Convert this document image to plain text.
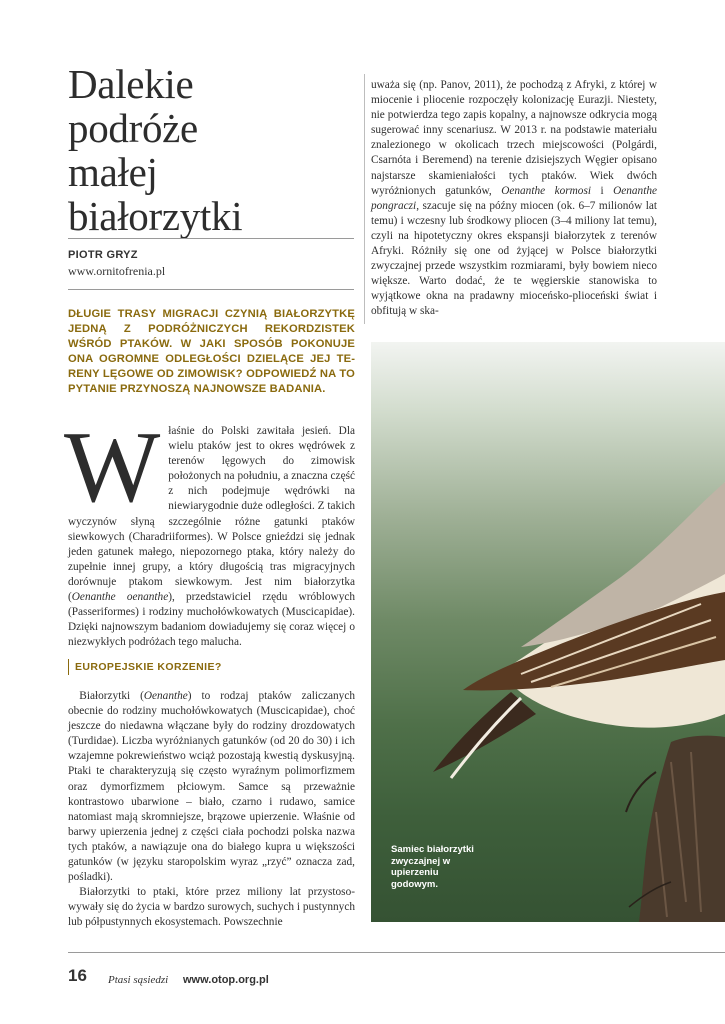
Dalekie
podróże
małej
białorzytki
PIOTR GRYZ
www.ornitofrenia.pl

DŁUGIE TRASY MIGRACJI CZYNIĄ BIAŁORZYTKĘ JEDNĄ Z PODRÓŻNICZYCH REKORDZISTEK WŚRÓD PTAKÓW. W JAKI SPOSÓB POKONUJE ONA OGROMNE ODLEGŁOŚCI DZIELĄCE JEJ TERENY LĘGOWE OD ZIMOWISK? ODPOWIEDŹ NA TO PYTANIE PRZYNOSZĄ NAJNOWSZE BADANIA.

Właśnie do Polski zawitała jesień. Dla wielu ptaków jest to okres wędrówek z terenów lęgowych do zimowisk położonych na południu, a znaczna część z nich podejmuje wędrówki na niewiarygodnie duże odległości. Z takich wyczynów słyną szczególnie różne gatunki ptaków siewkowych (Charadriiformes). W Polsce gnieździ się jednak jeden gatunek małego, niepozornego ptaka, który należy do zupełnie innej grupy, a który długością tras migracyjnych dorównuje ptakom siewkowym. Jest nim białorzytka (Oenanthe oenanthe), przedstawiciel rzędu wróblowych (Passeriformes) i rodziny muchołówkowatych (Muscicapidae). Dzięki najnowszym badaniom dowiadujemy się coraz więcej o niezwykłych podróżach tego malucha.

EUROPEJSKIE KORZENIE?

 Białorzytki (Oenanthe) to rodzaj ptaków zaliczanych obecnie do rodziny muchołówkowatych (Muscicapidae), choć jeszcze do niedawna włączane były do rodziny drozdowatych (Turdidae). Liczba wyróżnianych gatunków (od 20 do 30) i ich wzajemne pokrewieństwo wciąż pozostają kwestią dyskusyjną. Ptaki te charakteryzują się często wyraźnym polimorfizmem oraz dymorfizmem płciowym. Samce są przeważnie kontrastowo ubarwione – biało, czarno i rudawo, samice natomiast mają skromniejsze, brązowe upierzenie. Właśnie od barwy upierzenia jednej z części ciała pochodzi polska nazwa tych ptaków, a nawiązuje ona do białego kupra u większości gatunków (w języku staropolskim wyraz „rzyć” oznacza zad, pośladki).

 Białorzytki to ptaki, które przez miliony lat przystosowywały się do życia w bardzo surowych, suchych i pustynnych lub półpustynnych ekosystemach. Powszechnie

uważa się (np. Panov, 2011), że pochodzą z Afryki, z której w miocenie i pliocenie rozpoczęły kolonizację Eurazji. Niestety, nie potwierdza tego zapis kopalny, a najnowsze odkrycia mogą sugerować inny scenariusz. W 2013 r. na podstawie materiału znalezionego w okolicach trzech miejscowości (Polgárdi, Csarnóta i Beremend) na terenie dzisiejszych Węgier opisano najstarsze skamieniałości tych ptaków. Wiek dwóch wyróżnionych gatunków, Oenanthe kormosi i Oenanthe pongraczi, szacuje się na późny miocen (ok. 6–7 milionów lat temu) i wczesny lub środkowy pliocen (3–4 miliony lat temu), czyli na hipotetyczny okres ekspansji białorzytek z terenów Afryki. Różniły się one od żyjącej w Polsce białorzytki zwyczajnej przede wszystkim rozmiarami, były bowiem nieco większe. Warto dodać, że te węgierskie stanowiska to wyjątkowe okna na pradawny mioceńsko-plioceński świat i obfitują w ska-

Samiec białorzytki zwyczajnej w upierzeniu godowym.
16 Ptasi sąsiedzi www.otop.org.pl
